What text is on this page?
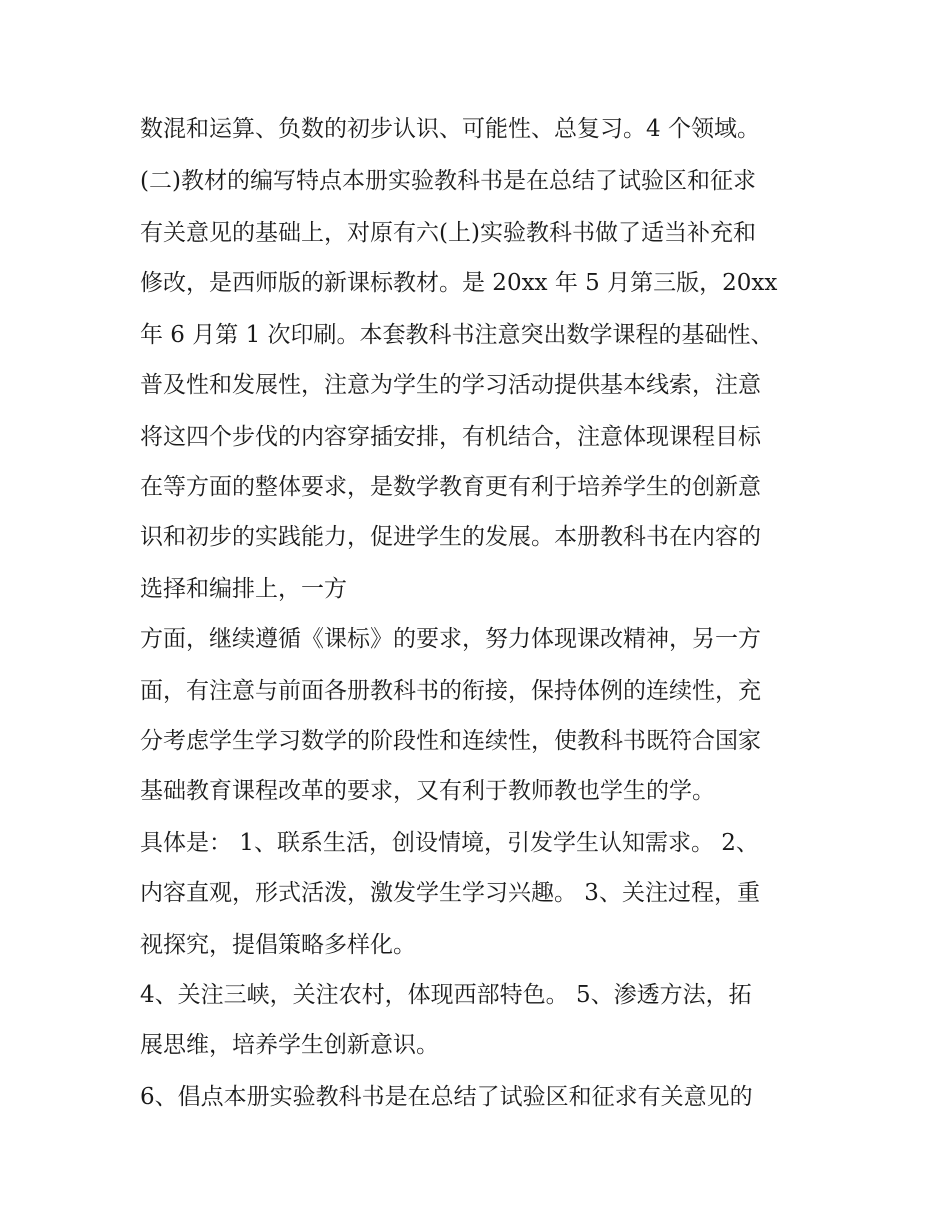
数混和运算、负数的初步认识、可能性、总复习。4 个领域。
(二)教材的编写特点本册实验教科书是在总结了试验区和征求
有关意见的基础上，对原有六(上)实验教科书做了适当补充和
修改，是西师版的新课标教材。是 20xx 年 5 月第三版，20xx
年 6 月第 1 次印刷。本套教科书注意突出数学课程的基础性、
普及性和发展性，注意为学生的学习活动提供基本线索，注意
将这四个步伐的内容穿插安排，有机结合，注意体现课程目标
在等方面的整体要求，是数学教育更有利于培养学生的创新意
识和初步的实践能力，促进学生的发展。本册教科书在内容的
选择和编排上，一方
方面，继续遵循《课标》的要求，努力体现课改精神，另一方
面，有注意与前面各册教科书的衔接，保持体例的连续性，充
分考虑学生学习数学的阶段性和连续性，使教科书既符合国家
基础教育课程改革的要求，又有利于教师教也学生的学。
具体是： 1、联系生活，创设情境，引发学生认知需求。 2、
内容直观，形式活泼，激发学生学习兴趣。 3、关注过程，重
视探究，提倡策略多样化。
4、关注三峡，关注农村，体现西部特色。 5、渗透方法，拓
展思维，培养学生创新意识。
6、倡点本册实验教科书是在总结了试验区和征求有关意见的
